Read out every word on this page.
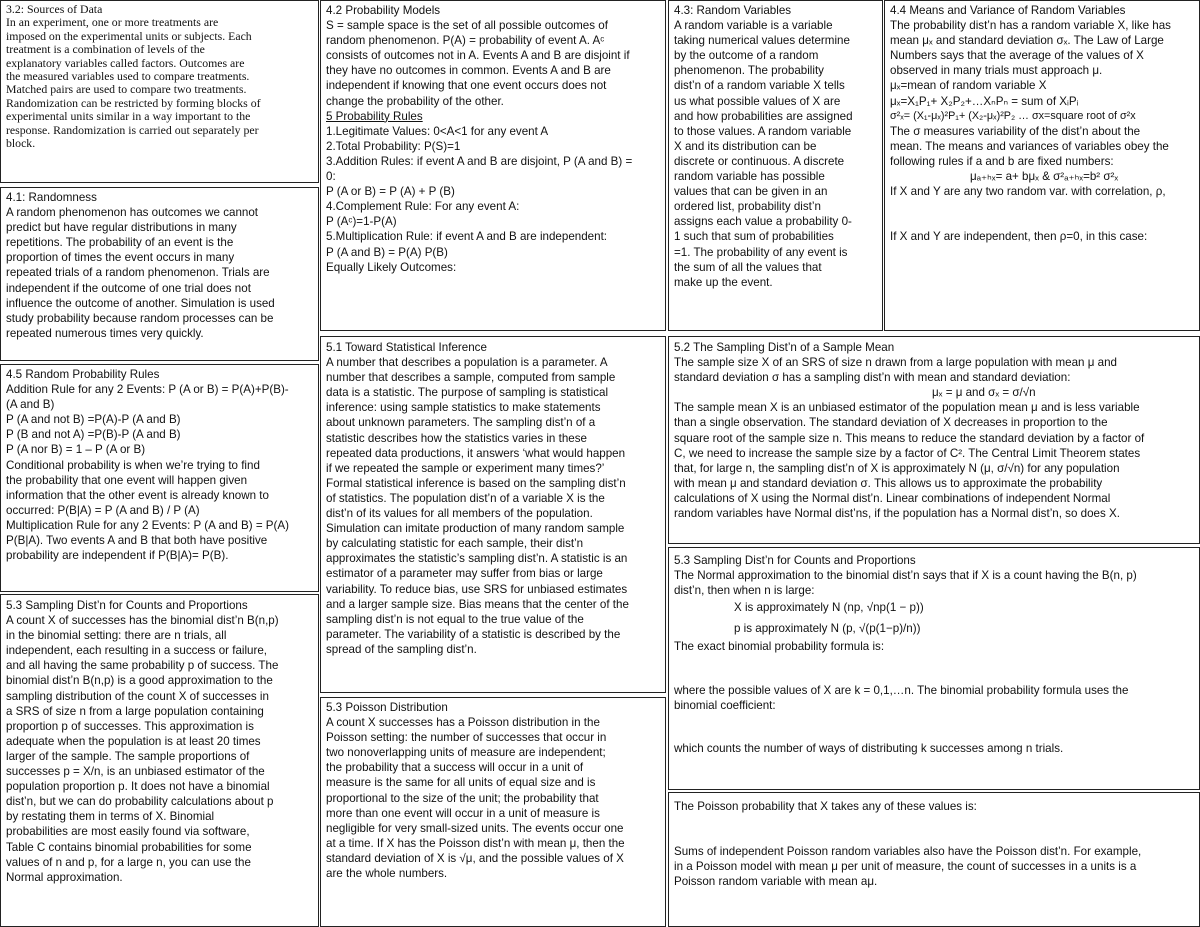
3.2: Sources of Data
In an experiment, one or more treatments are
imposed on the experimental units or subjects. Each
treatment is a combination of levels of the
explanatory variables called factors. Outcomes are
the measured variables used to compare treatments.
Matched pairs are used to compare two treatments.
Randomization can be restricted by forming blocks of
experimental units similar in a way important to the
response. Randomization is carried out separately per
block.
4.1: Randomness
A random phenomenon has outcomes we cannot
predict but have regular distributions in many
repetitions. The probability of an event is the
proportion of times the event occurs in many
repeated trials of a random phenomenon. Trials are
independent if the outcome of one trial does not
influence the outcome of another. Simulation is used
study probability because random processes can be
repeated numerous times very quickly.
4.5 Random Probability Rules
Addition Rule for any 2 Events: P (A or B) = P(A)+P(B)-
(A and B)
P (A and not B) =P(A)-P (A and B)
P (B and not A) =P(B)-P (A and B)
P (A nor B) = 1 – P (A or B)
Conditional probability is when we’re trying to find
the probability that one event will happen given
information that the other event is already known to
occurred: P(B|A) = P (A and B) / P (A)
Multiplication Rule for any 2 Events: P (A and B) = P(A)
P(B|A). Two events A and B that both have positive
probability are independent if P(B|A)= P(B).
5.3 Sampling Dist’n for Counts and Proportions
A count X of successes has the binomial dist’n B(n,p)
in the binomial setting: there are n trials, all
independent, each resulting in a success or failure,
and all having the same probability p of success. The
binomial dist’n B(n,p) is a good approximation to the
sampling distribution of the count X of successes in
a SRS of size n from a large population containing
proportion p of successes. This approximation is
adequate when the population is at least 20 times
larger of the sample. The sample proportions of
successes p = X/n, is an unbiased estimator of the
population proportion p. It does not have a binomial
dist’n, but we can do probability calculations about p
by restating them in terms of X. Binomial
probabilities are most easily found via software,
Table C contains binomial probabilities for some
values of n and p, for a large n, you can use the
Normal approximation.
4.2 Probability Models
S = sample space is the set of all possible outcomes of
random phenomenon. P(A) = probability of event A. Aᶜ
consists of outcomes not in A. Events A and B are disjoint if
they have no outcomes in common. Events A and B are
independent if knowing that one event occurs does not
change the probability of the other.
5 Probability Rules
1.Legitimate Values: 0<A<1 for any event A
2.Total Probability: P(S)=1
3.Addition Rules: if event A and B are disjoint, P (A and B) =
0:
P (A or B) = P (A) + P (B)
4.Complement Rule: For any event A:
P (Aᶜ)=1-P(A)
5.Multiplication Rule: if event A and B are independent:
P (A and B) = P(A) P(B)
Equally Likely Outcomes:
5.1 Toward Statistical Inference
A number that describes a population is a parameter. A
number that describes a sample, computed from sample
data is a statistic. The purpose of sampling is statistical
inference: using sample statistics to make statements
about unknown parameters. The sampling dist’n of a
statistic describes how the statistics varies in these
repeated data productions, it answers ‘what would happen
if we repeated the sample or experiment many times?’
Formal statistical inference is based on the sampling dist’n
of statistics. The population dist’n of a variable X is the
dist’n of its values for all members of the population.
Simulation can imitate production of many random sample
by calculating statistic for each sample, their dist’n
approximates the statistic’s sampling dist’n. A statistic is an
estimator of a parameter may suffer from bias or large
variability. To reduce bias, use SRS for unbiased estimates
and a larger sample size. Bias means that the center of the
sampling dist’n is not equal to the true value of the
parameter. The variability of a statistic is described by the
spread of the sampling dist’n.
5.3 Poisson Distribution
A count X successes has a Poisson distribution in the
Poisson setting: the number of successes that occur in
two nonoverlapping units of measure are independent;
the probability that a success will occur in a unit of
measure is the same for all units of equal size and is
proportional to the size of the unit; the probability that
more than one event will occur in a unit of measure is
negligible for very small-sized units. The events occur one
at a time. If X has the Poisson dist’n with mean μ, then the
standard deviation of X is √μ, and the possible values of X
are the whole numbers.
4.3: Random Variables
A random variable is a variable
taking numerical values determine
by the outcome of a random
phenomenon. The probability
dist’n of a random variable X tells
us what possible values of X are
and how probabilities are assigned
to those values. A random variable
X and its distribution can be
discrete or continuous. A discrete
random variable has possible
values that can be given in an
ordered list, probability dist’n
assigns each value a probability 0-
1 such that sum of probabilities
=1. The probability of any event is
the sum of all the values that
make up the event.
4.4 Means and Variance of Random Variables
The probability dist’n has a random variable X, like has
mean μₓ and standard deviation σₓ. The Law of Large
Numbers says that the average of the values of X
observed in many trials must approach μ.
μₓ=mean of random variable X
μₓ=X₁P₁+ X₂P₂+…XₙPₙ = sum of XᵢPᵢ
σ²ₓ= (X₁-μₓ)²P₁+ (X₂-μₓ)²P₂ … σx=square root of σ²x
The σ measures variability of the dist’n about the
mean. The means and variances of variables obey the
following rules if a and b are fixed numbers:
μₐ₊ₕₓ= a+ bμₓ & σ²ₐ₊ₕₓ=b² σ²ₓ
If X and Y are any two random var. with correlation, ρ,
If X and Y are independent, then ρ=0, in this case:
5.2 The Sampling Dist’n of a Sample Mean
The sample size X of an SRS of size n drawn from a large population with mean μ and
standard deviation σ has a sampling dist’n with mean and standard deviation:
μₓ = μ and σₓ = σ/√n
The sample mean X is an unbiased estimator of the population mean μ and is less variable
than a single observation. The standard deviation of X decreases in proportion to the
square root of the sample size n. This means to reduce the standard deviation by a factor of
C, we need to increase the sample size by a factor of C². The Central Limit Theorem states
that, for large n, the sampling dist’n of X is approximately N (μ, σ/√n) for any population
with mean μ and standard deviation σ. This allows us to approximate the probability
calculations of X using the Normal dist’n. Linear combinations of independent Normal
random variables have Normal dist’ns, if the population has a Normal dist’n, so does X.
5.3 Sampling Dist’n for Counts and Proportions
The Normal approximation to the binomial dist’n says that if X is a count having the B(n, p)
dist’n, then when n is large:
X is approximately N (np, √np(1 − p))
p is approximately N (p, √(p(1−p)/n))
The exact binomial probability formula is:
where the possible values of X are k = 0,1,…n. The binomial probability formula uses the
binomial coefficient:
which counts the number of ways of distributing k successes among n trials.
The Poisson probability that X takes any of these values is:
Sums of independent Poisson random variables also have the Poisson dist’n. For example,
in a Poisson model with mean μ per unit of measure, the count of successes in a units is a
Poisson random variable with mean aμ.
